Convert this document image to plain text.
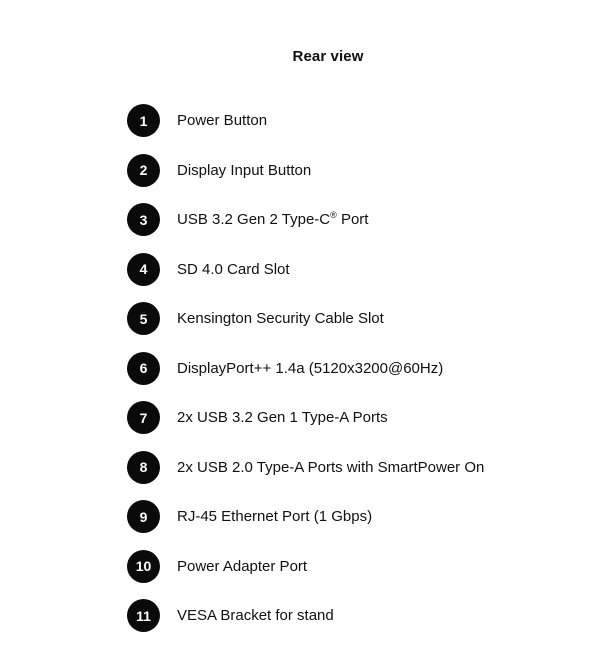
Rear view
1	Power Button
2	Display Input Button
3	USB 3.2 Gen 2 Type-C® Port
4	SD 4.0 Card Slot
5	Kensington Security Cable Slot
6	DisplayPort++ 1.4a (5120x3200@60Hz)
7	2x USB 3.2 Gen 1 Type-A Ports
8	2x USB 2.0 Type-A Ports with SmartPower On
9	RJ-45 Ethernet Port (1 Gbps)
10	Power Adapter Port
11	VESA Bracket for stand
